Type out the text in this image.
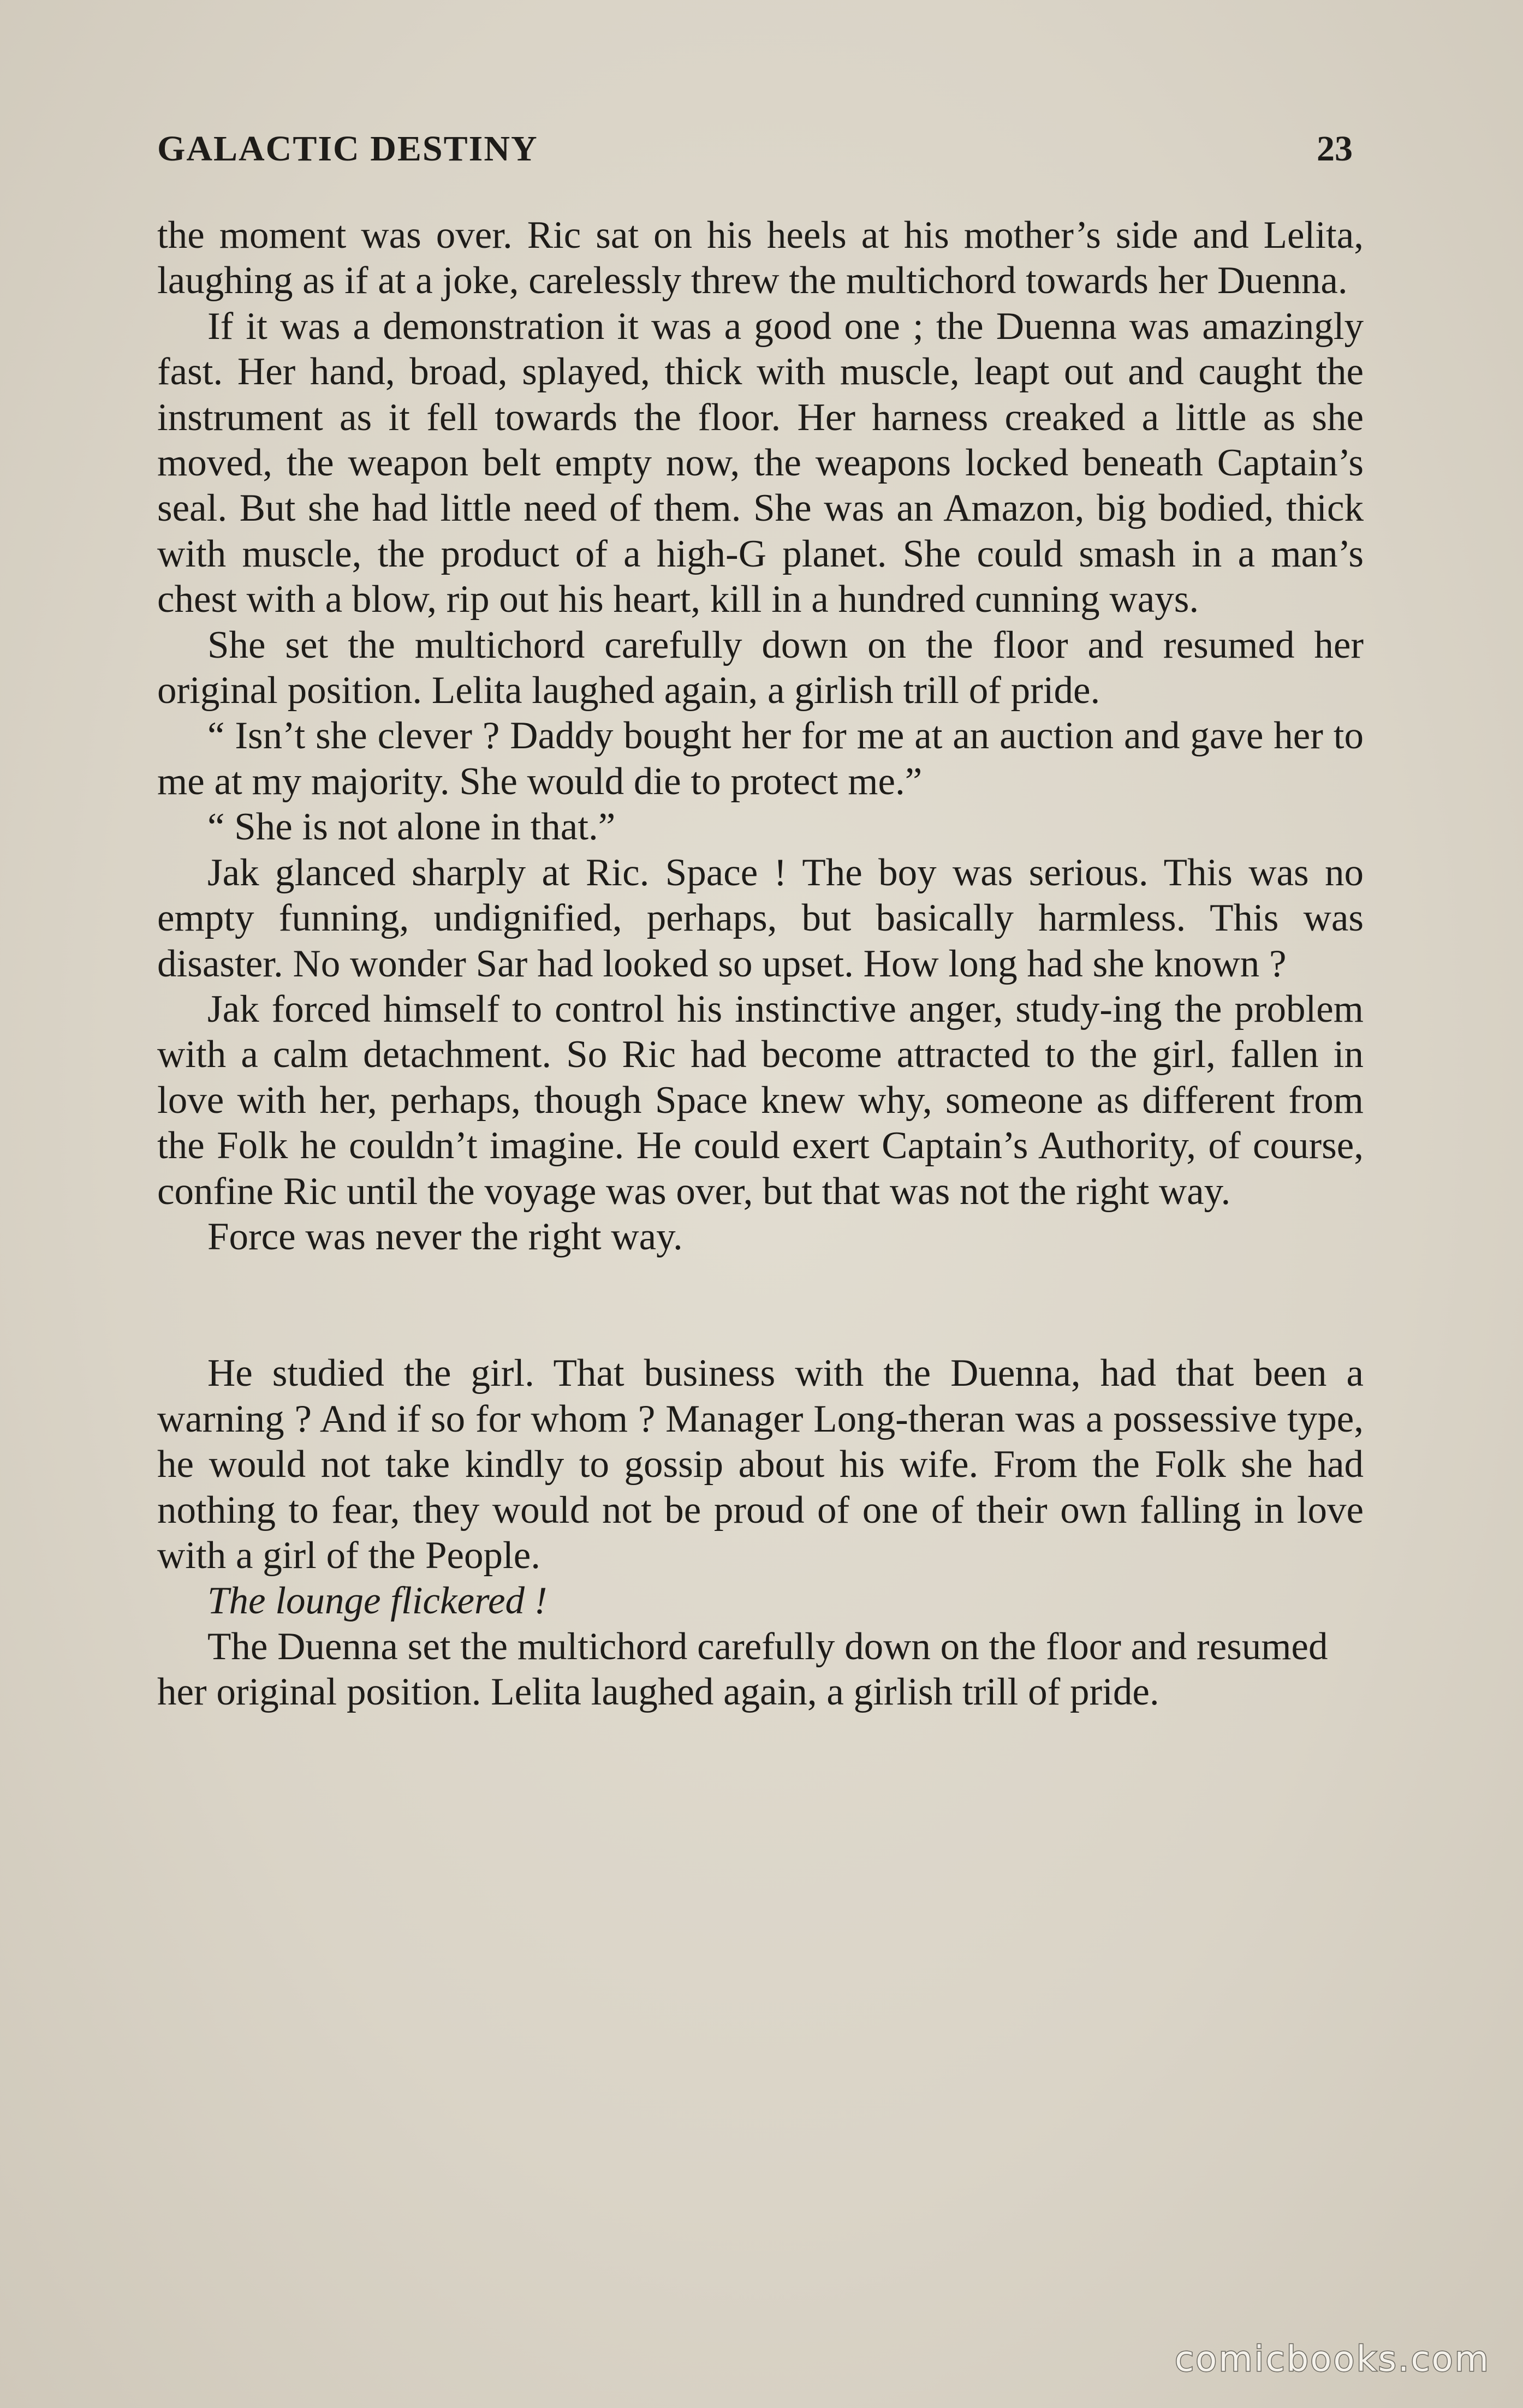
GALACTIC DESTINY	23

the moment was over. Ric sat on his heels at his mother’s side and Lelita, laughing as if at a joke, carelessly threw the multichord towards her Duenna.

If it was a demonstration it was a good one ; the Duenna was amazingly fast. Her hand, broad, splayed, thick with muscle, leapt out and caught the instrument as it fell towards the floor. Her harness creaked a little as she moved, the weapon belt empty now, the weapons locked beneath Captain’s seal. But she had little need of them. She was an Amazon, big bodied, thick with muscle, the product of a high-G planet. She could smash in a man’s chest with a blow, rip out his heart, kill in a hundred cunning ways.

She set the multichord carefully down on the floor and resumed her original position. Lelita laughed again, a girlish trill of pride.

“ Isn’t she clever ? Daddy bought her for me at an auction and gave her to me at my majority. She would die to protect me.”

“ She is not alone in that.”

Jak glanced sharply at Ric. Space ! The boy was serious. This was no empty funning, undignified, perhaps, but basically harmless. This was disaster. No wonder Sar had looked so upset. How long had she known ?

Jak forced himself to control his instinctive anger, study-ing the problem with a calm detachment. So Ric had become attracted to the girl, fallen in love with her, perhaps, though Space knew why, someone as different from the Folk he couldn’t imagine. He could exert Captain’s Authority, of course, confine Ric until the voyage was over, but that was not the right way.

Force was never the right way.

He studied the girl. That business with the Duenna, had that been a warning ? And if so for whom ? Manager Long-theran was a possessive type, he would not take kindly to gossip about his wife. From the Folk she had nothing to fear, they would not be proud of one of their own falling in love with a girl of the People.

The lounge flickered !

The Duenna set the multichord carefully down on the floor and resumed her original position. Lelita laughed again, a girlish trill of pride.

comicbooks.com
